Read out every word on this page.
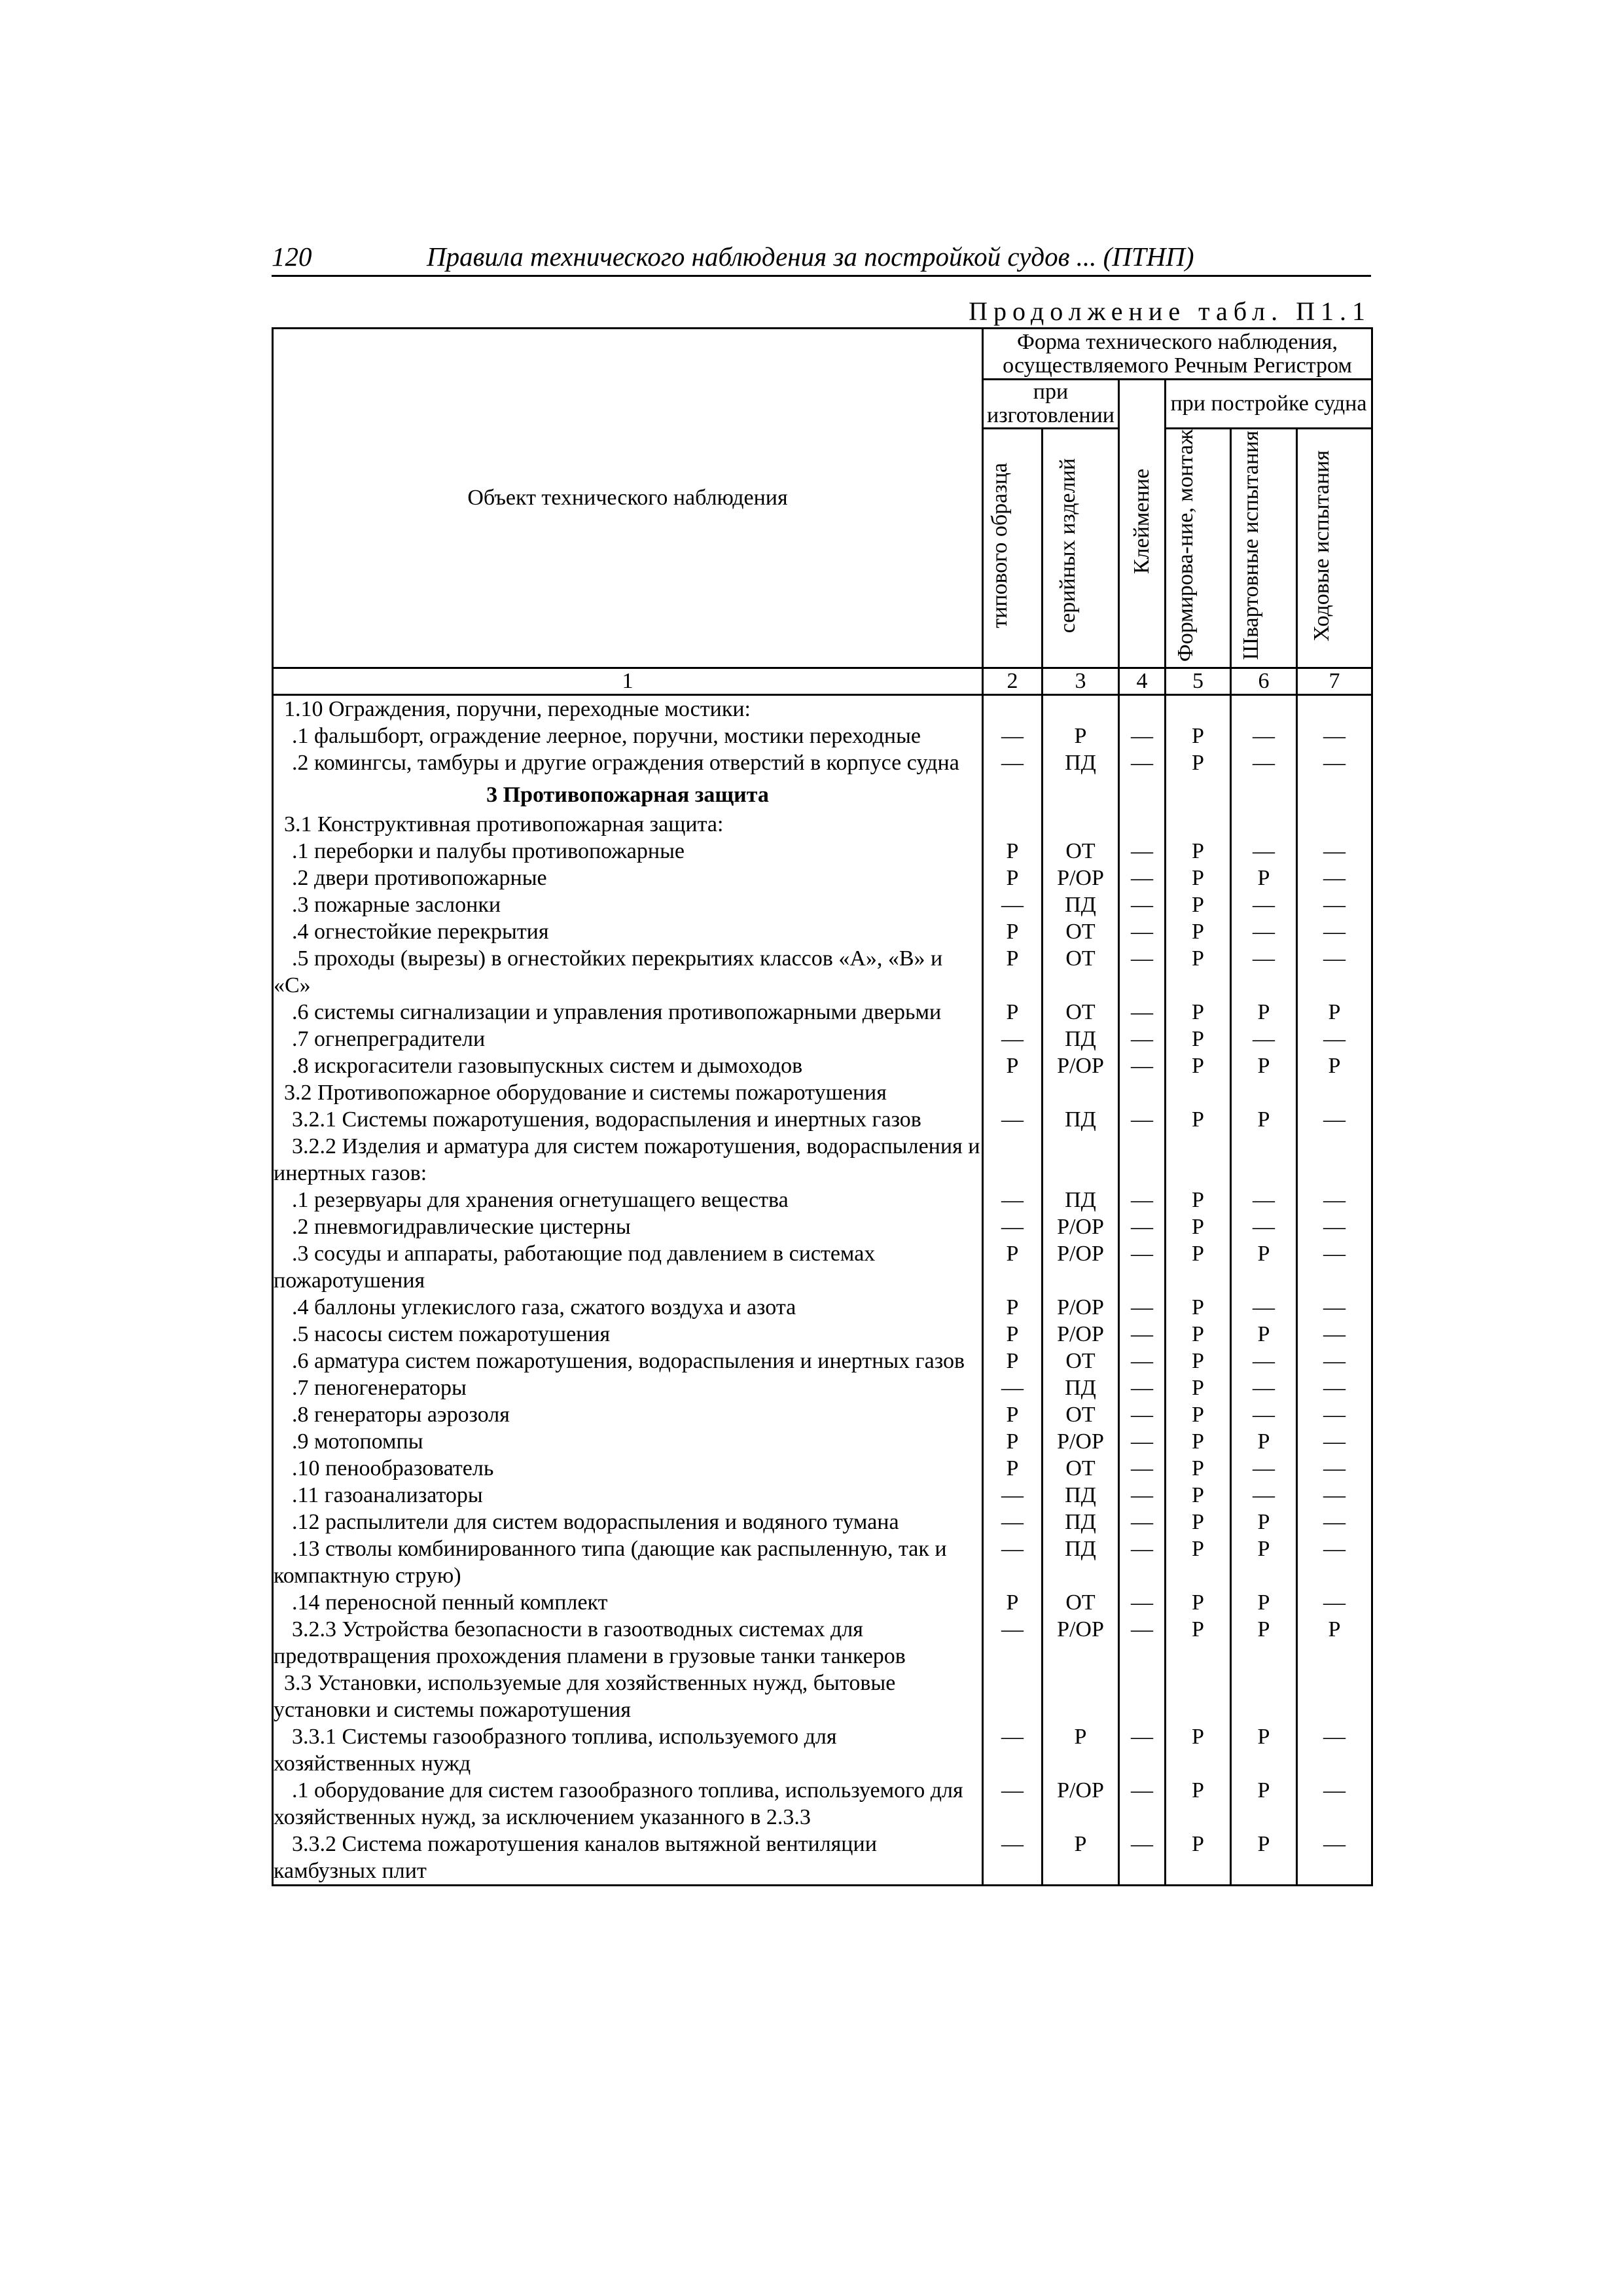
120	Правила технического наблюдения за постройкой судов ... (ПТНП)
Продолжение табл. П1.1
Объект технического наблюдения	Форма технического наблюдения, осуществляемого Речным Регистром					
	при изготовлении		Клеймение	при постройке судна		
	типового образца	серийных изделий		Формирова-ние, монтаж	Швартовные испытания	Ходовые испытания
1	2	3	4	5	6	7
1.10 Ограждения, поручни, переходные мостики:						
.1 фальшборт, ограждение леерное, поручни, мостики переходные	—	Р	—	Р	—	—
.2 комингсы, тамбуры и другие ограждения отверстий в корпусе судна	—	ПД	—	Р	—	—
3 Противопожарная защита						
3.1 Конструктивная противопожарная защита:						
.1 переборки и палубы противопожарные	Р	ОТ	—	Р	—	—
.2 двери противопожарные	Р	Р/ОР	—	Р	Р	—
.3 пожарные заслонки	—	ПД	—	Р	—	—
.4 огнестойкие перекрытия	Р	ОТ	—	Р	—	—
.5 проходы (вырезы) в огнестойких перекрытиях классов «А», «В» и «С»	Р	ОТ	—	Р	—	—
.6 системы сигнализации и управления противопожарными дверьми	Р	ОТ	—	Р	Р	Р
.7 огнепреградители	—	ПД	—	Р	—	—
.8 искрогасители газовыпускных систем и дымоходов	Р	Р/ОР	—	Р	Р	Р
3.2 Противопожарное оборудование и системы пожаротушения						
3.2.1 Системы пожаротушения, водораспыления и инертных газов	—	ПД	—	Р	Р	—
3.2.2 Изделия и арматура для систем пожаротушения, водораспыления и инертных газов:						
.1 резервуары для хранения огнетушащего вещества	—	ПД	—	Р	—	—
.2 пневмогидравлические цистерны	—	Р/ОР	—	Р	—	—
.3 сосуды и аппараты, работающие под давлением в системах пожаротушения	Р	Р/ОР	—	Р	Р	—
.4 баллоны углекислого газа, сжатого воздуха и азота	Р	Р/ОР	—	Р	—	—
.5 насосы систем пожаротушения	Р	Р/ОР	—	Р	Р	—
.6 арматура систем пожаротушения, водораспыления и инертных газов	Р	ОТ	—	Р	—	—
.7 пеногенераторы	—	ПД	—	Р	—	—
.8 генераторы аэрозоля	Р	ОТ	—	Р	—	—
.9 мотопомпы	Р	Р/ОР	—	Р	Р	—
.10 пенообразователь	Р	ОТ	—	Р	—	—
.11 газоанализаторы	—	ПД	—	Р	—	—
.12 распылители для систем водораспыления и водяного тумана	—	ПД	—	Р	Р	—
.13 стволы комбинированного типа (дающие как распыленную, так и компактную струю)	—	ПД	—	Р	Р	—
.14 переносной пенный комплект	Р	ОТ	—	Р	Р	—
3.2.3 Устройства безопасности в газоотводных системах для предотвращения прохождения пламени в грузовые танки танкеров	—	Р/ОР	—	Р	Р	Р
3.3 Установки, используемые для хозяйственных нужд, бытовые установки и системы пожаротушения						
3.3.1 Системы газообразного топлива, используемого для хозяйственных нужд	—	Р	—	Р	Р	—
.1 оборудование для систем газообразного топлива, используемого для хозяйственных нужд, за исключением указанного в 2.3.3	—	Р/ОР	—	Р	Р	—
3.3.2 Система пожаротушения каналов вытяжной вентиляции камбузных плит	—	Р	—	Р	Р	—
